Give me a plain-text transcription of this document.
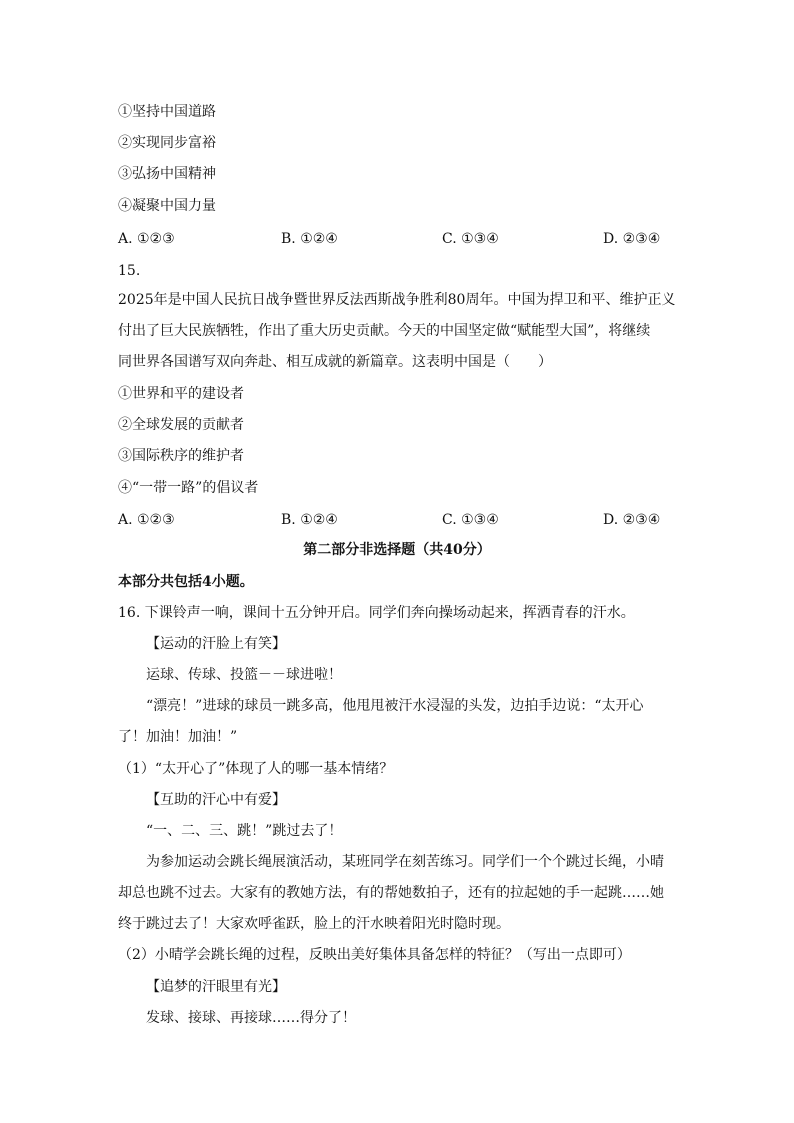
①坚持中国道路
②实现同步富裕
③弘扬中国精神
④凝聚中国力量
A. ①②③	B. ①②④	C. ①③④	D. ②③④
15.
2025年是中国人民抗日战争暨世界反法西斯战争胜利80周年。中国为捍卫和平、维护正义
付出了巨大民族牺牲，作出了重大历史贡献。今天的中国坚定做“赋能型大国”，将继续
同世界各国谱写双向奔赴、相互成就的新篇章。这表明中国是（　　）
①世界和平的建设者
②全球发展的贡献者
③国际秩序的维护者
④“一带一路”的倡议者
A. ①②③	B. ①②④	C. ①③④	D. ②③④
第二部分非选择题（共40分）
本部分共包括4小题。
16. 下课铃声一响，课间十五分钟开启。同学们奔向操场动起来，挥洒青春的汗水。
【运动的汗脸上有笑】
运球、传球、投篮－－球进啦！
“漂亮！”进球的球员一跳多高，他甩甩被汗水浸湿的头发，边拍手边说：“太开心
了！加油！加油！”
（1）“太开心了”体现了人的哪一基本情绪？
【互助的汗心中有爱】
“一、二、三、跳！”跳过去了！
为参加运动会跳长绳展演活动，某班同学在刻苦练习。同学们一个个跳过长绳，小晴
却总也跳不过去。大家有的教她方法，有的帮她数拍子，还有的拉起她的手一起跳……她
终于跳过去了！大家欢呼雀跃，脸上的汗水映着阳光时隐时现。
（2）小晴学会跳长绳的过程，反映出美好集体具备怎样的特征？（写出一点即可）
【追梦的汗眼里有光】
发球、接球、再接球……得分了！
